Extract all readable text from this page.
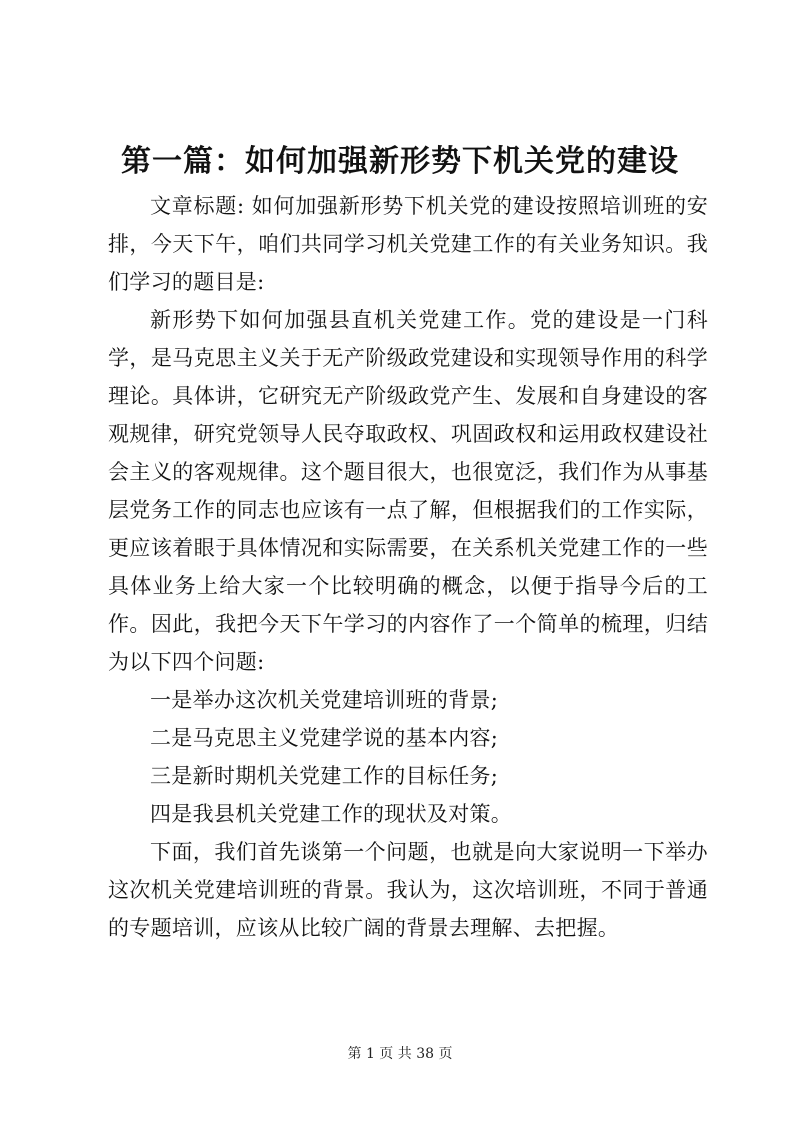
第一篇：如何加强新形势下机关党的建设

文章标题: 如何加强新形势下机关党的建设按照培训班的安排，今天下午，咱们共同学习机关党建工作的有关业务知识。我们学习的题目是:

新形势下如何加强县直机关党建工作。党的建设是一门科学，是马克思主义关于无产阶级政党建设和实现领导作用的科学理论。具体讲，它研究无产阶级政党产生、发展和自身建设的客观规律，研究党领导人民夺取政权、巩固政权和运用政权建设社会主义的客观规律。这个题目很大，也很宽泛，我们作为从事基层党务工作的同志也应该有一点了解，但根据我们的工作实际，更应该着眼于具体情况和实际需要，在关系机关党建工作的一些具体业务上给大家一个比较明确的概念，以便于指导今后的工作。因此，我把今天下午学习的内容作了一个简单的梳理，归结为以下四个问题:

一是举办这次机关党建培训班的背景;

二是马克思主义党建学说的基本内容;

三是新时期机关党建工作的目标任务;

四是我县机关党建工作的现状及对策。

下面，我们首先谈第一个问题，也就是向大家说明一下举办这次机关党建培训班的背景。我认为，这次培训班，不同于普通的专题培训，应该从比较广阔的背景去理解、去把握。

第 1 页 共 38 页
